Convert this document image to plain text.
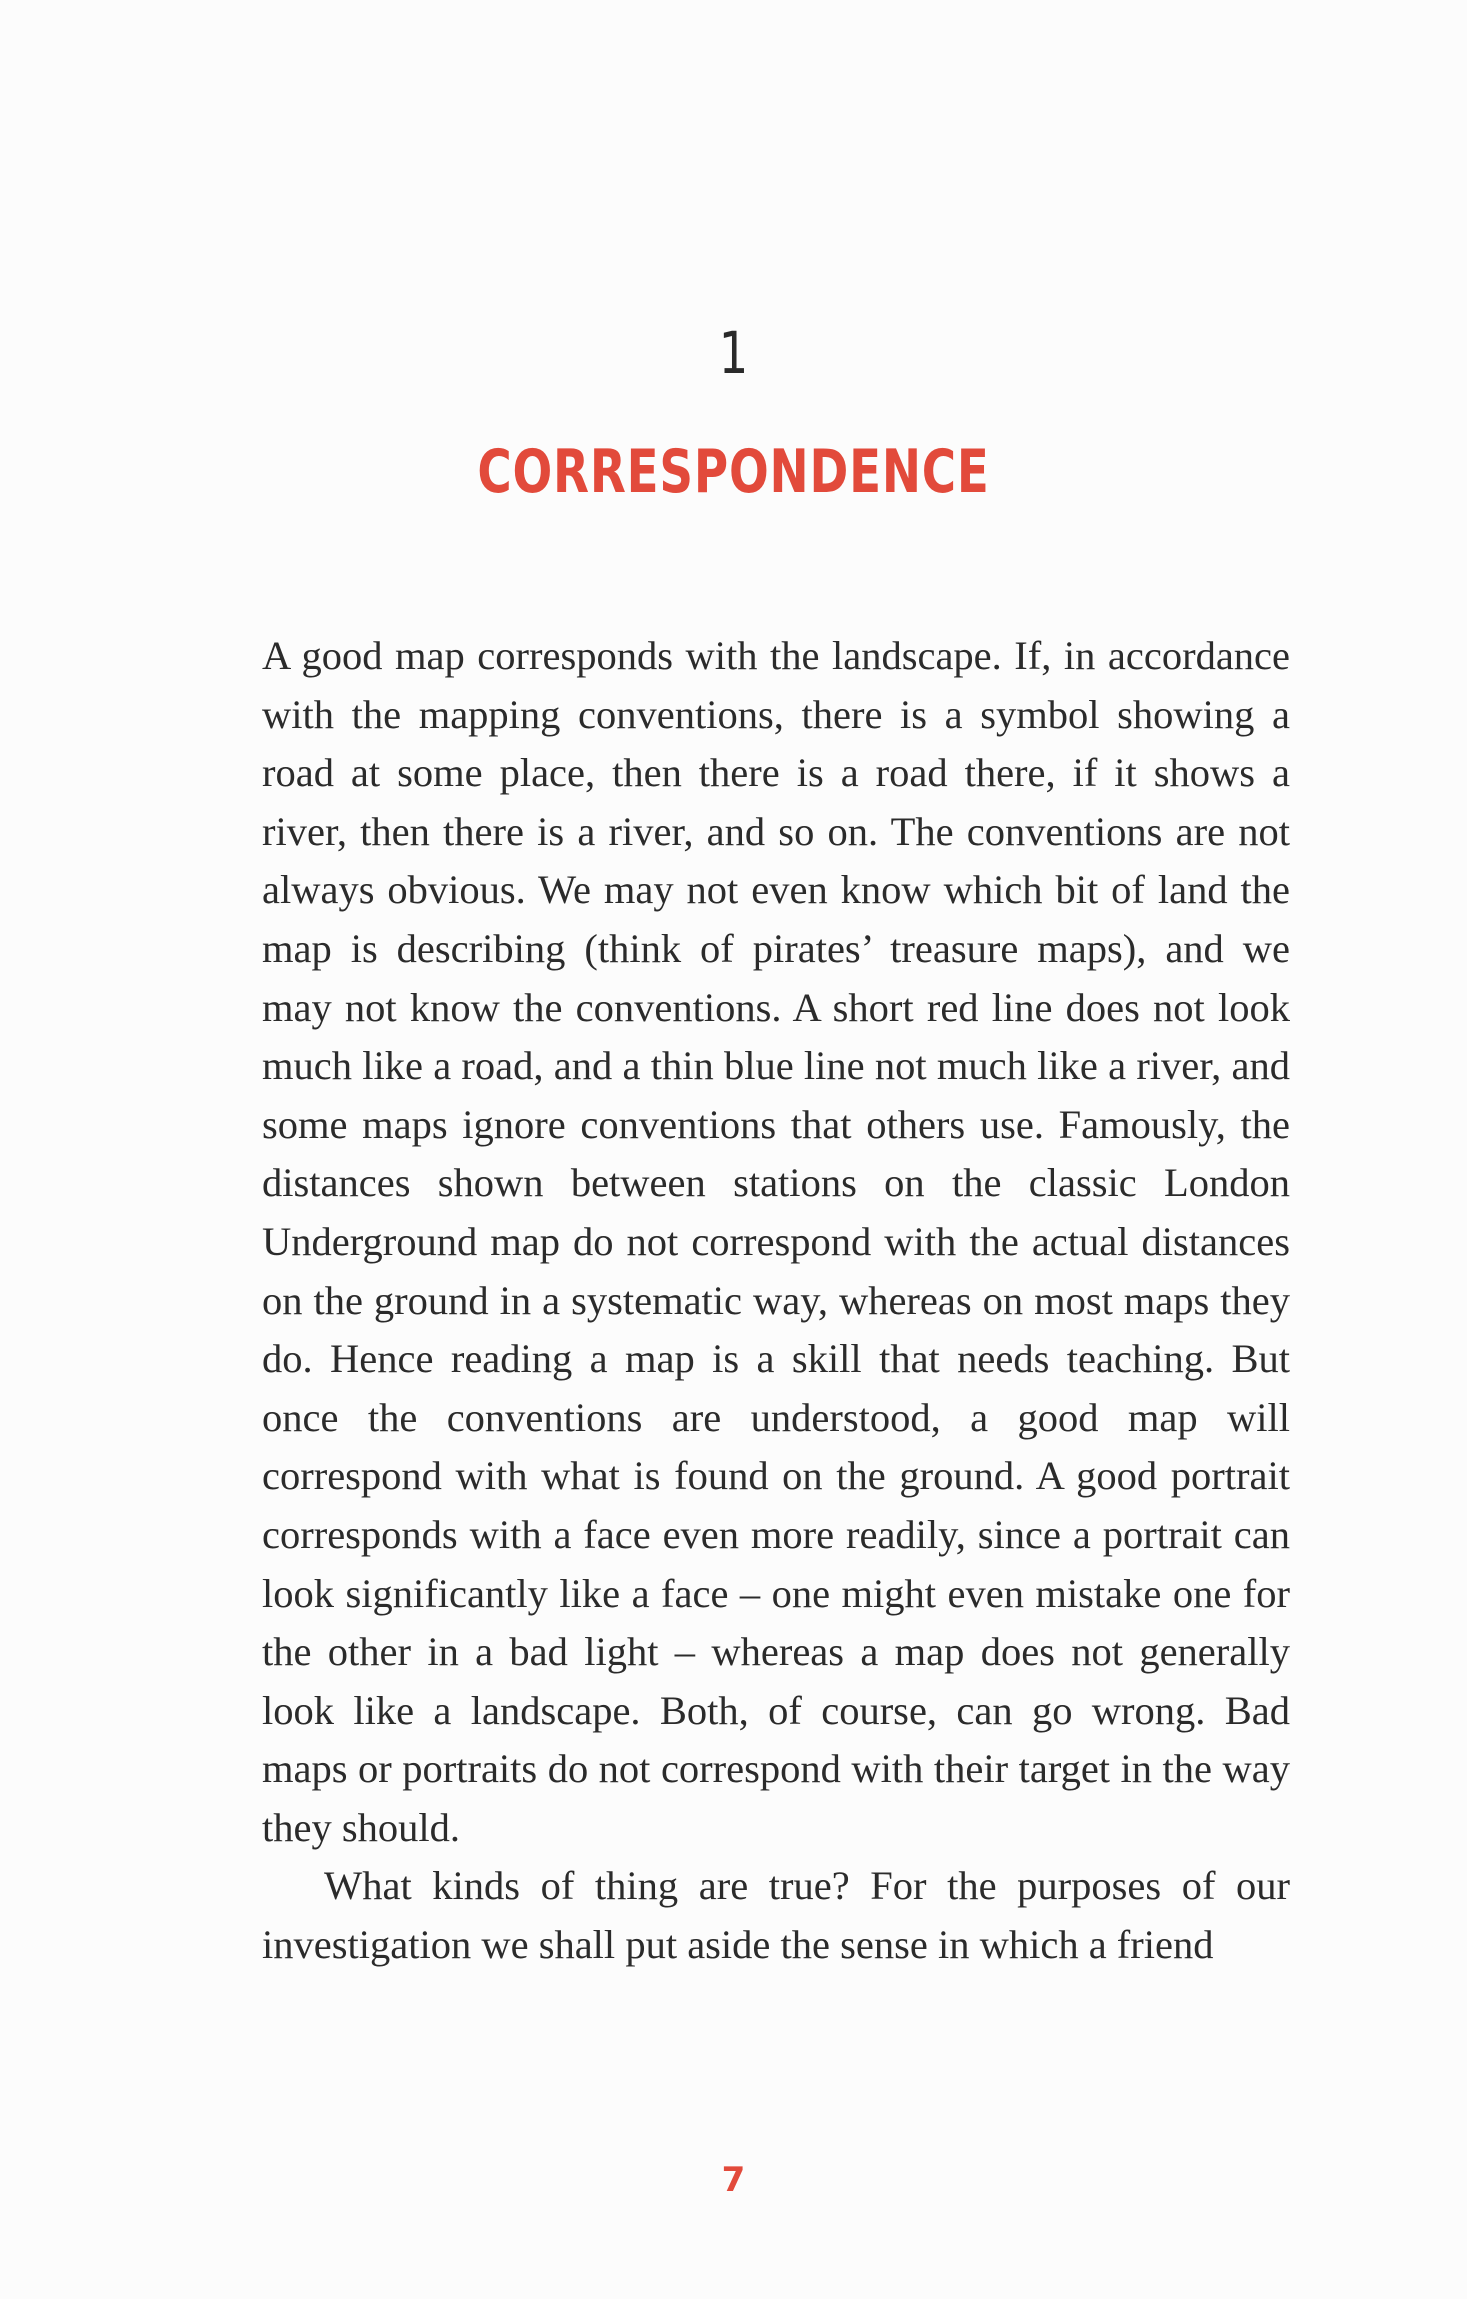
1
CORRESPONDENCE

A good map corresponds with the landscape. If, in accordance with the mapping conventions, there is a symbol showing a road at some place, then there is a road there, if it shows a river, then there is a river, and so on. The conventions are not always obvious. We may not even know which bit of land the map is describing (think of pirates’ treasure maps), and we may not know the conventions. A short red line does not look much like a road, and a thin blue line not much like a river, and some maps ignore conventions that others use. Famously, the distances shown between stations on the classic London Underground map do not correspond with the actual distances on the ground in a systematic way, whereas on most maps they do. Hence reading a map is a skill that needs teaching. But once the conventions are understood, a good map will correspond with what is found on the ground. A good portrait corresponds with a face even more readily, since a portrait can look significantly like a face – one might even mistake one for the other in a bad light – whereas a map does not generally look like a landscape. Both, of course, can go wrong. Bad maps or portraits do not correspond with their target in the way they should.

What kinds of thing are true? For the purposes of our investigation we shall put aside the sense in which a friend

7
